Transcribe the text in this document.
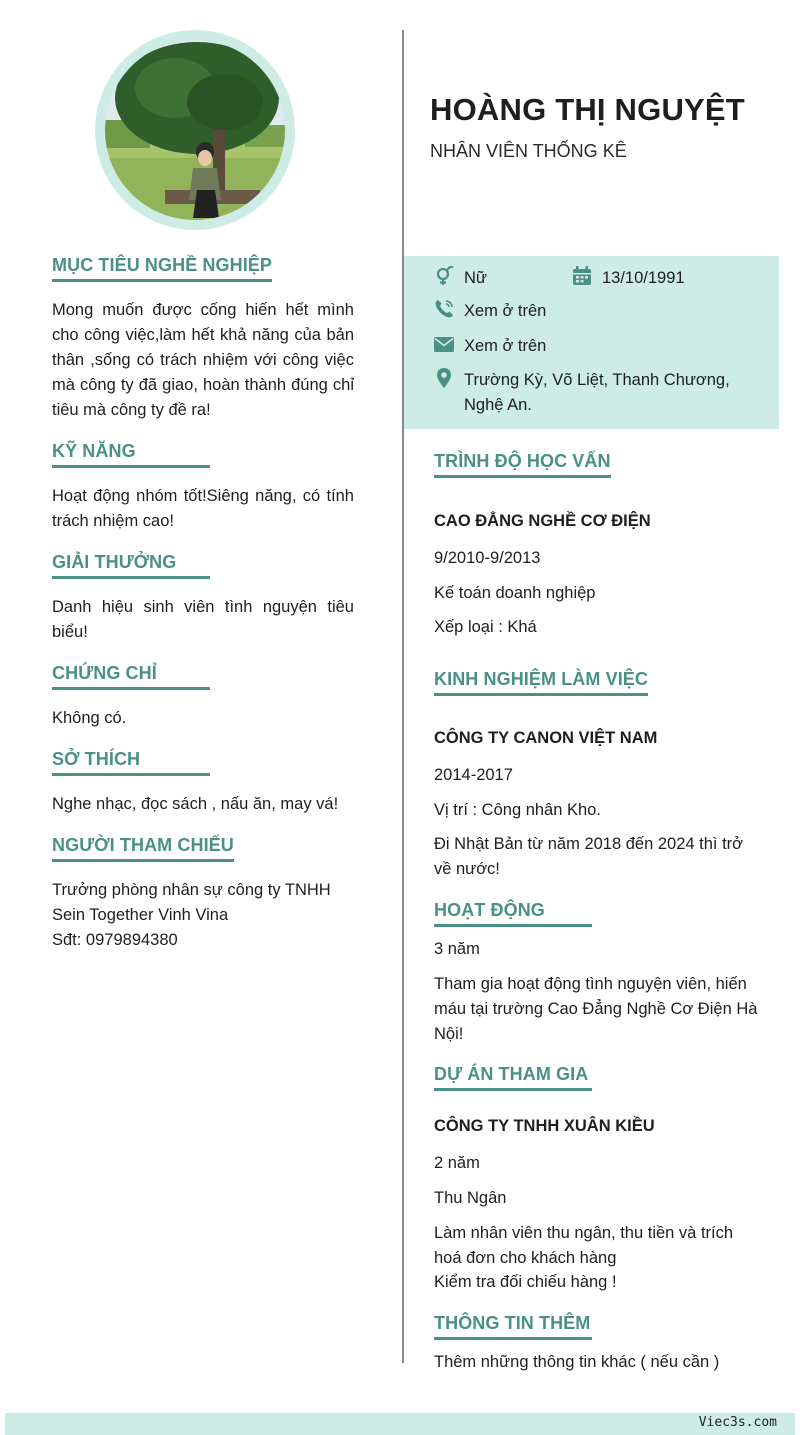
MỤC TIÊU NGHỀ NGHIỆP

Mong muốn được cống hiến hết mình cho công việc,làm hết khả năng của bản thân ,sống có trách nhiệm với công việc mà công ty đã giao, hoàn thành đúng chỉ tiêu mà công ty đề ra!

KỸ NĂNG

Hoạt động nhóm tốt!Siêng năng, có tính trách nhiệm cao!

GIẢI THƯỞNG

Danh hiệu sinh viên tình nguyện tiêu biểu!

CHỨNG CHỈ

Không có.

SỞ THÍCH

Nghe nhạc, đọc sách , nấu ăn, may vá!

NGƯỜI THAM CHIẾU

Trưởng phòng nhân sự công ty TNHH Sein Together Vinh Vina

Sđt: 0979894380

HOÀNG THỊ NGUYỆT

NHÂN VIÊN THỐNG KÊ

Nữ	13/10/1991
Xem ở trên
Xem ở trên
Trường Kỳ, Võ Liệt, Thanh Chương, Nghệ An.
TRÌNH ĐỘ HỌC VẤN

CAO ĐẲNG NGHỀ CƠ ĐIỆN

9/2010-9/2013

Kế toán doanh nghiệp

Xếp loại : Khá

KINH NGHIỆM LÀM VIỆC

CÔNG TY CANON VIỆT NAM

2014-2017

Vị trí : Công nhân Kho.

Đi Nhật Bản từ năm 2018 đến 2024 thì trở về nước!

HOẠT ĐỘNG

3 năm

Tham gia hoạt động tình nguyện viên, hiến máu tại trường Cao Đẳng Nghề Cơ Điện Hà Nội!

DỰ ÁN THAM GIA

CÔNG TY TNHH XUÂN KIỀU

2 năm

Thu Ngân

Làm nhân viên thu ngân, thu tiền và trích hoá đơn cho khách hàng

Kiểm tra đối chiếu hàng !

THÔNG TIN THÊM

Thêm những thông tin khác ( nếu cần )

Viec3s.com
